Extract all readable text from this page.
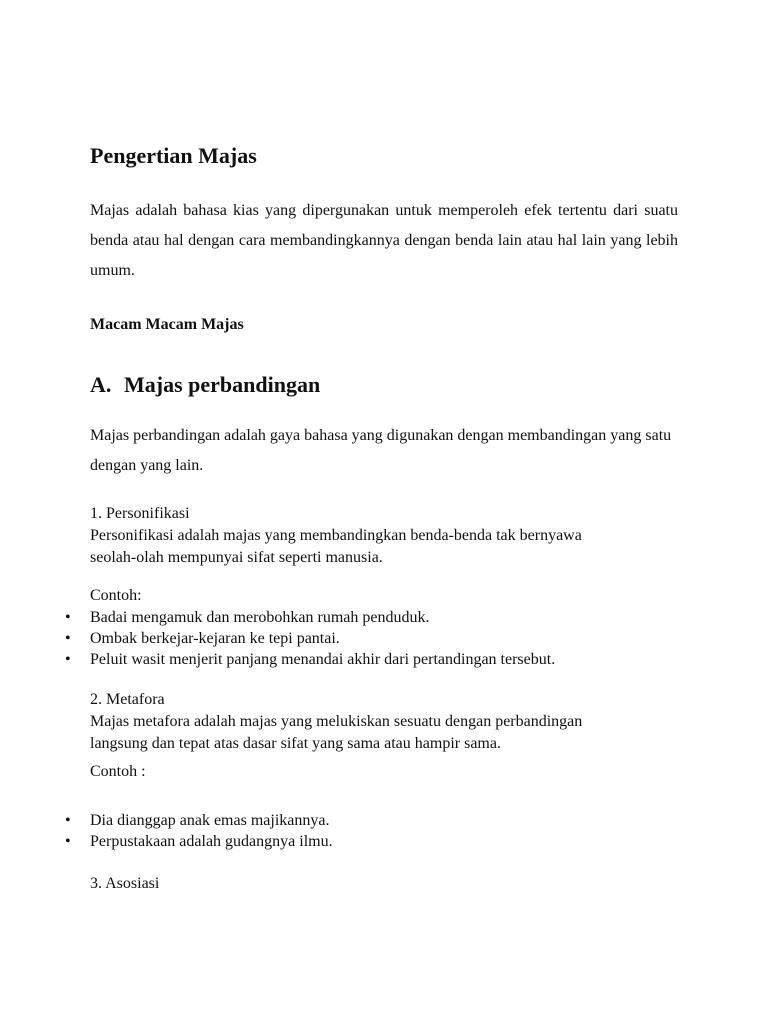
Pengertian Majas

Majas adalah bahasa kias yang dipergunakan untuk memperoleh efek tertentu dari suatu benda atau hal dengan cara membandingkannya dengan benda lain atau hal lain yang lebih umum.

Macam Macam Majas
A. Majas perbandingan

Majas perbandingan adalah gaya bahasa yang digunakan dengan membandingan yang satu dengan yang lain.

1. Personifikasi
Personifikasi adalah majas yang membandingkan benda-benda tak bernyawa
seolah-olah mempunyai sifat seperti manusia.
Contoh:
• Badai mengamuk dan merobohkan rumah penduduk.
• Ombak berkejar-kejaran ke tepi pantai.
• Peluit wasit menjerit panjang menandai akhir dari pertandingan tersebut.
2. Metafora
Majas metafora adalah majas yang melukiskan sesuatu dengan perbandingan
langsung dan tepat atas dasar sifat yang sama atau hampir sama.
Contoh :
• Dia dianggap anak emas majikannya.
• Perpustakaan adalah gudangnya ilmu.
3. Asosiasi
